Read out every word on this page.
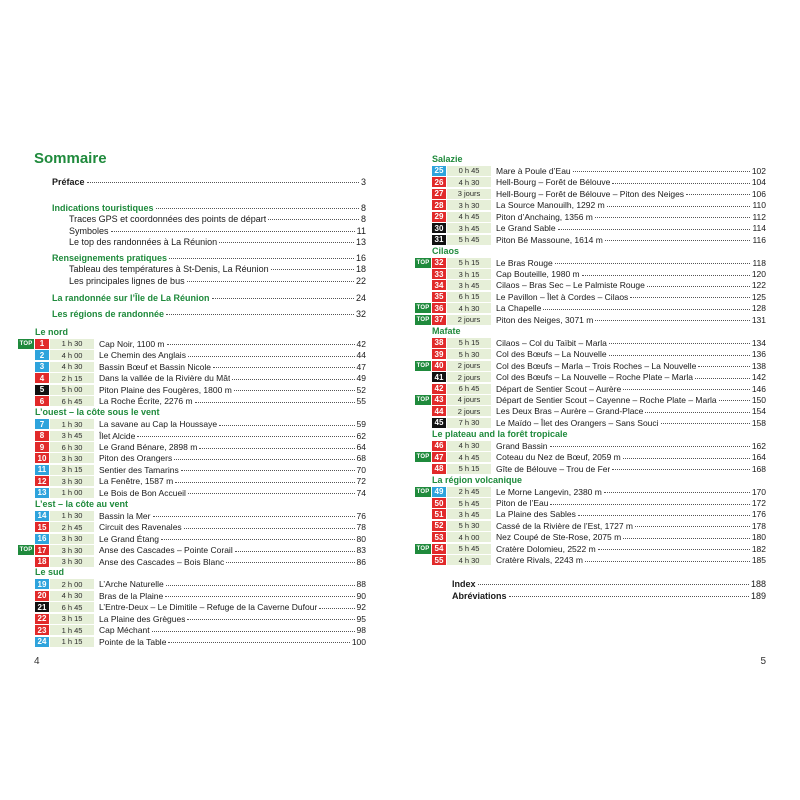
Sommaire
Préface	3
Indications touristiques	8
Traces GPS et coordonnées des points de départ	8
Symboles	11
Le top des randonnées à La Réunion	13
Renseignements pratiques	16
Tableau des températures à St-Denis, La Réunion	18
Les principales lignes de bus	22
La randonnée sur l’Île de La Réunion	24
Les régions de randonnée	32
Le nord
TOP 1	1 h 30	Cap Noir, 1100 m	42
2	4 h 00	Le Chemin des Anglais	44
3	4 h 30	Bassin Bœuf et Bassin Nicole	47
4	2 h 15	Dans la vallée de la Rivière du Mât	49
5	5 h 00	Piton Plaine des Fougères, 1800 m	52
6	6 h 45	La Roche Écrite, 2276 m	55
L’ouest – la côte sous le vent
7	1 h 30	La savane au Cap la Houssaye	59
8	3 h 45	Îlet Alcide	62
9	6 h 30	Le Grand Bénare, 2898 m	64
10	3 h 30	Piton des Orangers	68
11	3 h 15	Sentier des Tamarins	70
12	3 h 30	La Fenêtre, 1587 m	72
13	1 h 00	Le Bois de Bon Accueil	74
L’est – la côte au vent
14	1 h 30	Bassin la Mer	76
15	2 h 45	Circuit des Ravenales	78
16	3 h 30	Le Grand Étang	80
TOP 17	3 h 30	Anse des Cascades – Pointe Corail	83
18	3 h 30	Anse des Cascades – Bois Blanc	86
Le sud
19	2 h 00	L’Arche Naturelle	88
20	4 h 30	Bras de la Plaine	90
21	6 h 45	L’Entre-Deux – Le Dimitile – Refuge de la Caverne Dufour	92
22	3 h 15	La Plaine des Grègues	95
23	1 h 45	Cap Méchant	98
24	1 h 15	Pointe de la Table	100
4
Salazie
25	0 h 45	Mare à Poule d’Eau	102
26	4 h 30	Hell-Bourg – Forêt de Bélouve	104
27	3 jours	Hell-Bourg – Forêt de Bélouve – Piton des Neiges	106
28	3 h 30	La Source Manouilh, 1292 m	110
29	4 h 45	Piton d’Anchaing, 1356 m	112
30	3 h 45	Le Grand Sable	114
31	5 h 45	Piton Bé Massoune, 1614 m	116
Cilaos
TOP 32	5 h 15	Le Bras Rouge	118
33	3 h 15	Cap Bouteille, 1980 m	120
34	3 h 45	Cilaos – Bras Sec – Le Palmiste Rouge	122
35	6 h 15	Le Pavillon – Îlet à Cordes – Cilaos	125
TOP 36	4 h 30	La Chapelle	128
TOP 37	2 jours	Piton des Neiges, 3071 m	131
Mafate
38	5 h 15	Cilaos – Col du Taïbit – Marla	134
39	5 h 30	Col des Bœufs – La Nouvelle	136
TOP 40	2 jours	Col des Bœufs – Marla – Trois Roches – La Nouvelle	138
41	2 jours	Col des Bœufs – La Nouvelle – Roche Plate – Marla	142
42	6 h 45	Départ de Sentier Scout – Aurère	146
TOP 43	4 jours	Départ de Sentier Scout – Cayenne – Roche Plate – Marla	150
44	2 jours	Les Deux Bras – Aurère – Grand-Place	154
45	7 h 30	Le Maïdo – Îlet des Orangers – Sans Souci	158
Le plateau and la forêt tropicale
46	4 h 30	Grand Bassin	162
TOP 47	4 h 45	Coteau du Nez de Bœuf, 2059 m	164
48	5 h 15	Gîte de Bélouve – Trou de Fer	168
La région volcanique
TOP 49	2 h 45	Le Morne Langevin, 2380 m	170
50	5 h 45	Piton de l’Eau	172
51	3 h 45	La Plaine des Sables	176
52	5 h 30	Cassé de la Rivière de l’Est, 1727 m	178
53	4 h 00	Nez Coupé de Ste-Rose, 2075 m	180
TOP 54	5 h 45	Cratère Dolomieu, 2522 m	182
55	4 h 30	Cratère Rivals, 2243 m	185
Index	188
Abréviations	189
5
